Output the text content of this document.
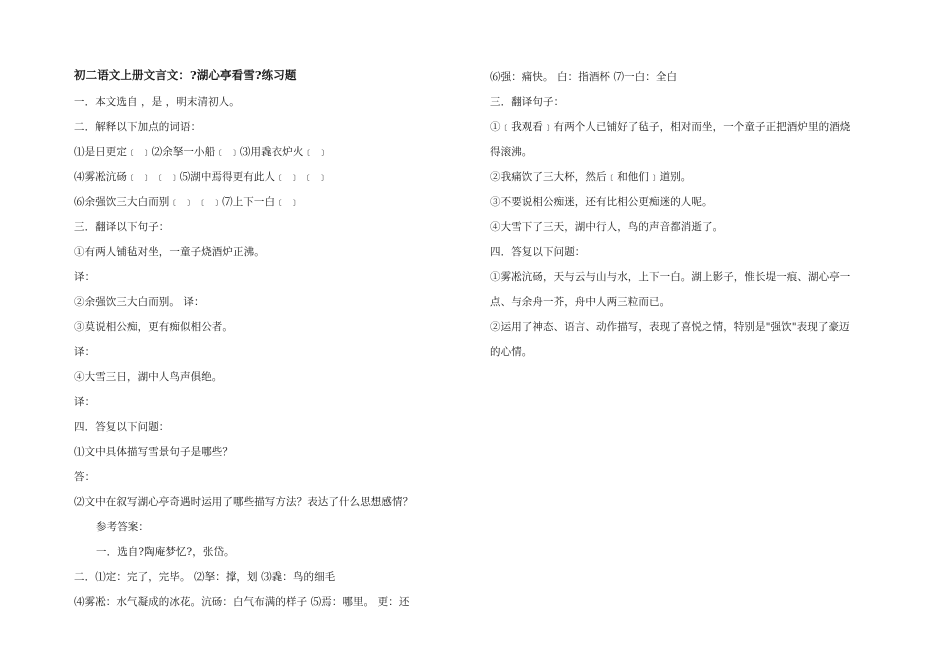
初二语文上册文言文：?湖心亭看雪?练习题
一．本文选自 ，是 ，明末清初人。
二．解释以下加点的词语：
⑴是日更定﹝ ﹞⑵余拏一小船﹝ ﹞⑶用毳衣炉火﹝ ﹞
⑷雾凇沆砀﹝ ﹞ ﹝ ﹞⑸湖中焉得更有此人﹝ ﹞ ﹝ ﹞
⑹余强饮三大白而别﹝ ﹞ ﹝ ﹞⑺上下一白﹝ ﹞
三．翻译以下句子：
①有两人铺毡对坐，一童子烧酒炉正沸。
译：
②余强饮三大白而别。 译：
③莫说相公痴，更有痴似相公者。
译：
④大雪三日，湖中人鸟声俱绝。
译：
四．答复以下问题：
⑴文中具体描写雪景句子是哪些？
答：
⑵文中在叙写湖心亭奇遇时运用了哪些描写方法？表达了什么思想感情？
参考答案：
一．选自?陶庵梦忆?，张岱。
二．⑴定：完了，完毕。 ⑵拏：撑，划 ⑶毳：鸟的细毛
⑷雾凇：水气凝成的冰花。沆砀：白气布满的样子 ⑸焉：哪里。 更：还
⑹强：痛快。 白：指酒杯 ⑺一白：全白
三．翻译句子：
①﹝我观看﹞有两个人已铺好了毡子，相对而坐，一个童子正把酒炉里的酒烧
得滚沸。
②我痛饮了三大杯，然后﹝和他们﹞道别。
③不要说相公痴迷，还有比相公更痴迷的人呢。
④大雪下了三天，湖中行人，鸟的声音都消逝了。
四．答复以下问题：
①雾凇沆砀，天与云与山与水，上下一白。湖上影子，惟长堤一痕、湖心亭一
点、与余舟一芥，舟中人两三粒而已。
②运用了神态、语言、动作描写，表现了喜悦之情，特别是"强饮"表现了豪迈
的心情。
